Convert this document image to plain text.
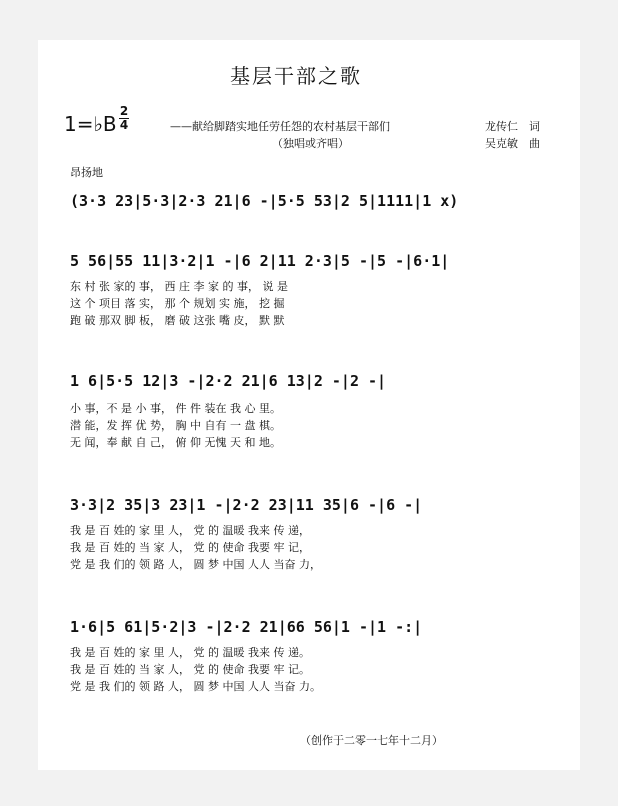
基层干部之歌
1=♭B
2
4	——献给脚踏实地任劳任怨的农村基层干部们
（独唱或齐唱）
龙传仁　词
吴克敏　曲
昂扬地
(3·3 23|5·3|2·3 21|6 -|5·5 53|2 5|1111|1 x)
5 56|55 11|3·2|1 -|6 2|11 2·3|5 -|5 -|6·1|
东 村 张 家的 事， 西 庄 李 家 的 事， 说 是
这 个 项目 落 实， 那 个 规划 实 施， 挖 掘
跑 破 那双 脚 板， 磨 破 这张 嘴 皮， 默 默
1 6|5·5 12|3 -|2·2 21|6 13|2 -|2 -|
小 事，不 是 小 事， 件 件 装在 我 心 里。
潜 能，发 挥 优 势， 胸 中 自有 一 盘 棋。
无 闻，奉 献 自 己， 俯 仰 无愧 天 和 地。
3·3|2 35|3 23|1 -|2·2 23|11 35|6 -|6 -|
我 是 百 姓的 家 里 人， 党 的 温暖 我来 传 递，
我 是 百 姓的 当 家 人， 党 的 使命 我要 牢 记，
党 是 我 们的 领 路 人， 圆 梦 中国 人人 当奋 力，
1·6|5 61|5·2|3 -|2·2 21|66 56|1 -|1 -:|
我 是 百 姓的 家 里 人， 党 的 温暖 我来 传 递。
我 是 百 姓的 当 家 人， 党 的 使命 我要 牢 记。
党 是 我 们的 领 路 人， 圆 梦 中国 人人 当奋 力。
（创作于二零一七年十二月）
